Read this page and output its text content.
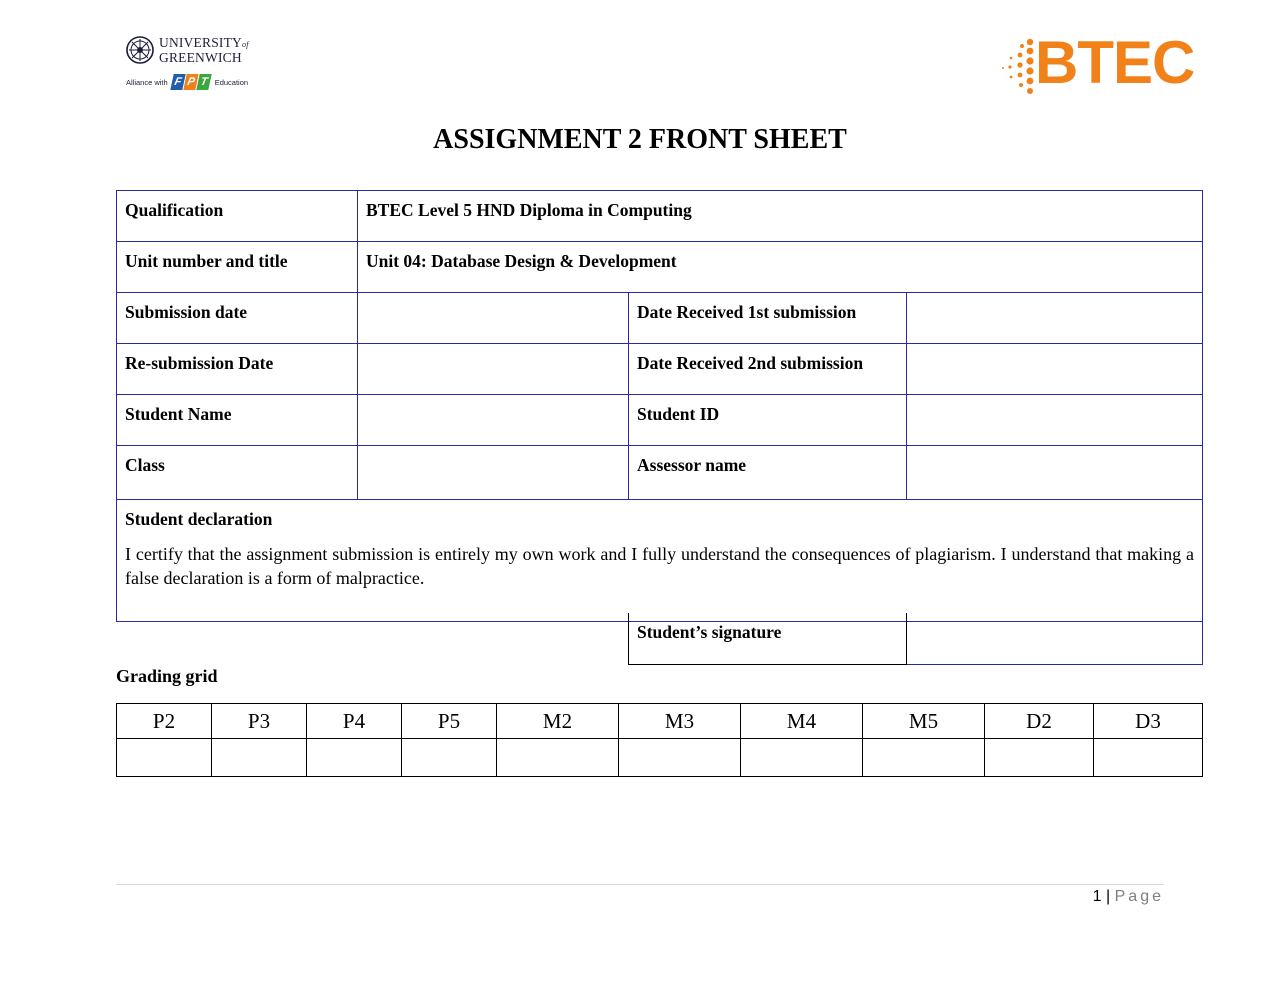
UNIVERSITYof
GREENWICH
Alliance with F P T Education	BTEC
ASSIGNMENT 2 FRONT SHEET
Qualification	BTEC Level 5 HND Diploma in Computing		
Unit number and title	Unit 04: Database Design & Development		
Submission date		Date Received 1st submission	
Re-submission Date		Date Received 2nd submission	
Student Name		Student ID	
Class		Assessor name	

Student declaration
I certify that the assignment submission is entirely my own work and I fully understand the consequences of plagiarism. I understand that making a false declaration is a form of malpractice.			
Student’s signature	
Grading grid
P2	P3	P4	P5	M2	M3	M4	M5	D2	D3

1 | Page
